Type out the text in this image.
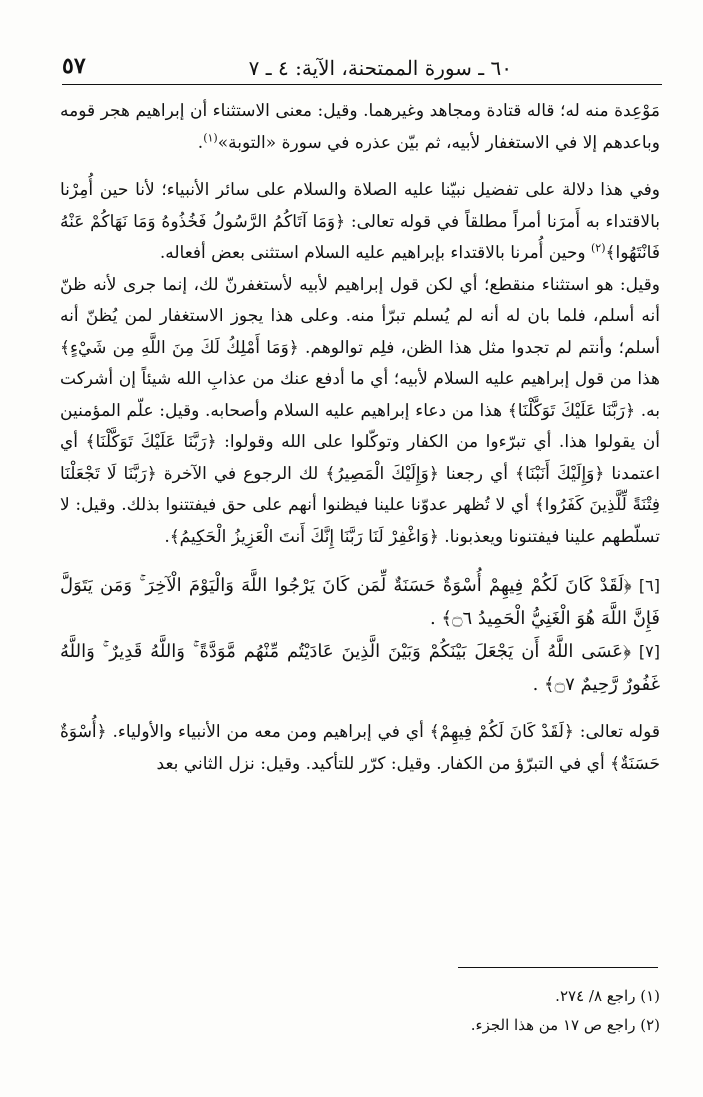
٦٠ ـ سورة الممتحنة، الآية: ٤ ـ ٧
٥٧

مَوْعِدة منه له؛ قاله قتادة ومجاهد وغيرهما. وقيل: معنى الاستثناء أن إبراهيم هجر قومه وباعدهم إلا في الاستغفار لأبيه، ثم بيّن عذره في سورة «التوبة»$^{(١)}$.

وفي هذا دلالة على تفضيل نبيّنا عليه الصلاة والسلام على سائر الأنبياء؛ لأنا حين أُمِرْنا بالاقتداء به أَمرَنا أمراً مطلقاً في قوله تعالى: ﴿وَمَا آتَاكُمُ الرَّسُولُ فَخُذُوهُ وَمَا نَهَاكُمْ عَنْهُ فَانْتَهُوا﴾$^{(٢)}$ وحين أُمرنا بالاقتداء بإبراهيم عليه السلام استثنى بعض أفعاله.

وقيل: هو استثناء منقطع؛ أي لكن قول إبراهيم لأبيه لأستغفرنّ لك، إنما جرى لأنه ظنّ أنه أسلم، فلما بان له أنه لم يُسلم تبرّأ منه. وعلى هذا يجوز الاستغفار لمن يُظنّ أنه أسلم؛ وأنتم لم تجدوا مثل هذا الظن، فلِم توالوهم. ﴿وَمَا أَمْلِكُ لَكَ مِنَ اللَّهِ مِن شَيْءٍ﴾ هذا من قول إبراهيم عليه السلام لأبيه؛ أي ما أدفع عنك من عذابِ الله شيئاً إن أشركت به. ﴿رَبَّنَا عَلَيْكَ تَوَكَّلْنَا﴾ هذا من دعاء إبراهيم عليه السلام وأصحابه. وقيل: علّم المؤمنين أن يقولوا هذا. أي تبرّءوا من الكفار وتوكّلوا على الله وقولوا: ﴿رَبَّنَا عَلَيْكَ تَوَكَّلْنَا﴾ أي اعتمدنا ﴿وَإِلَيْكَ أَنَبْنَا﴾ أي رجعنا ﴿وَإِلَيْكَ الْمَصِيرُ﴾ لك الرجوع في الآخرة ﴿رَبَّنَا لَا تَجْعَلْنَا فِتْنَةً لِّلَّذِينَ كَفَرُوا﴾ أي لا تُظهر عدوّنا علينا فيظنوا أنهم على حق فيفتتنوا بذلك. وقيل: لا تسلّطهم علينا فيفتنونا ويعذبونا. ﴿وَاغْفِرْ لَنَا رَبَّنَا إِنَّكَ أَنتَ الْعَزِيزُ الْحَكِيمُ﴾.

[٦] ﴿لَقَدْ كَانَ لَكُمْ فِيهِمْ أُسْوَةٌ حَسَنَةٌ لِّمَن كَانَ يَرْجُوا اللَّهَ وَالْيَوْمَ الْآخِرَ ۚ وَمَن يَتَوَلَّ فَإِنَّ اللَّهَ هُوَ الْغَنِيُّ الْحَمِيدُ ۝٦﴾ .

[٧] ﴿عَسَى اللَّهُ أَن يَجْعَلَ بَيْنَكُمْ وَبَيْنَ الَّذِينَ عَادَيْتُم مِّنْهُم مَّوَدَّةً ۚ وَاللَّهُ قَدِيرٌ ۚ وَاللَّهُ غَفُورٌ رَّحِيمٌ ۝٧﴾ .

قوله تعالى: ﴿لَقَدْ كَانَ لَكُمْ فِيهِمْ﴾ أي في إبراهيم ومن معه من الأنبياء والأولياء. ﴿أُسْوَةٌ حَسَنَةٌ﴾ أي في التبرّؤ من الكفار. وقيل: كرّر للتأكيد. وقيل: نزل الثاني بعد

(١) راجع ٨/ ٢٧٤.
(٢) راجع ص ١٧ من هذا الجزء.
